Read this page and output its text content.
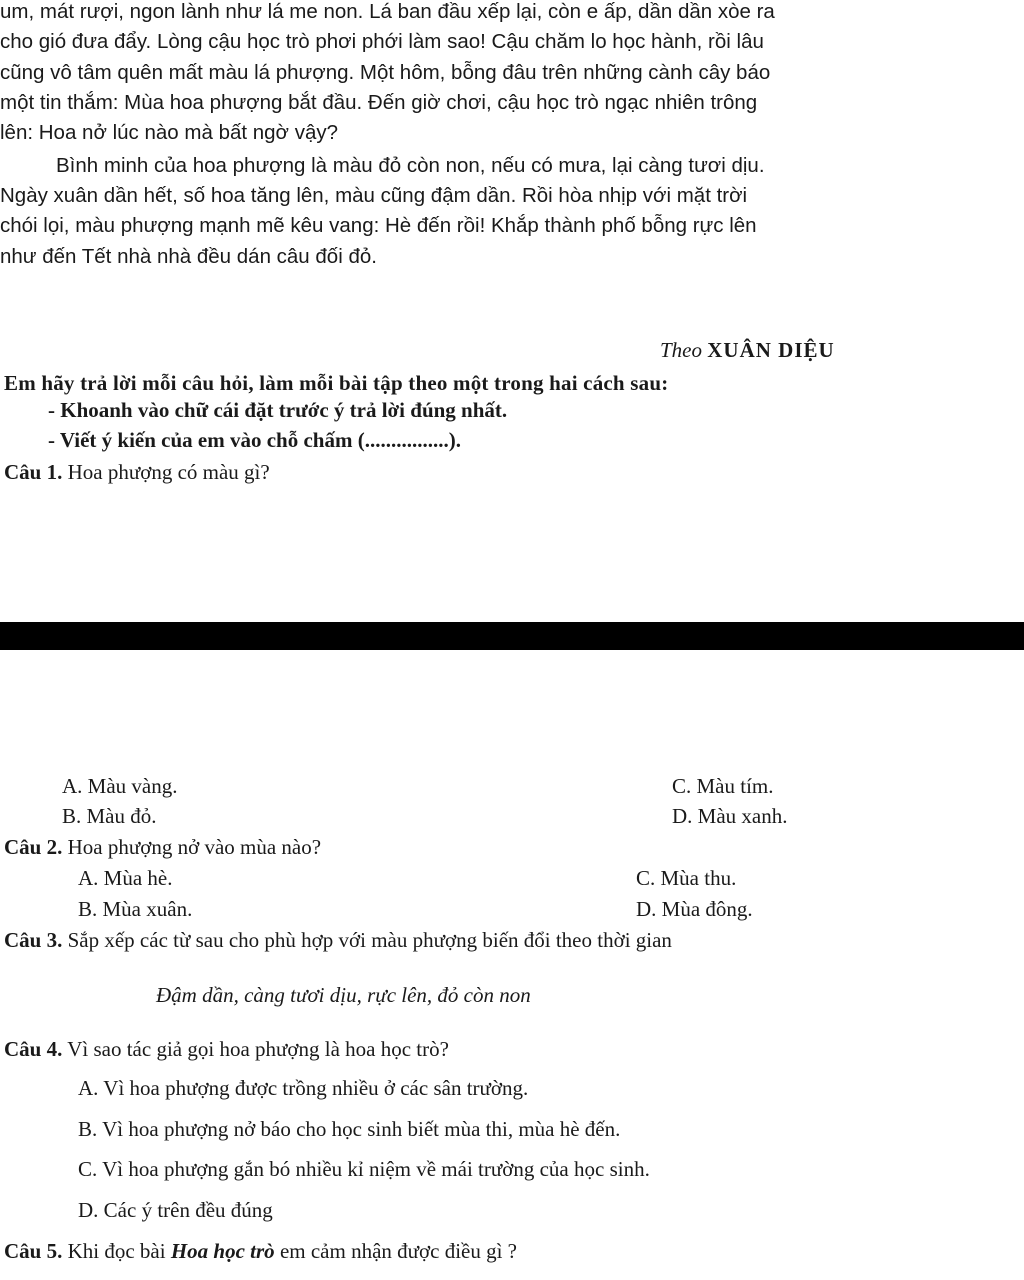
um, mát rượi, ngon lành như lá me non. Lá ban đầu xếp lại, còn e ấp, dần dần xòe ra
cho gió đưa đẩy. Lòng cậu học trò phơi phới làm sao! Cậu chăm lo học hành, rồi lâu
cũng vô tâm quên mất màu lá phượng. Một hôm, bỗng đâu trên những cành cây báo
một tin thắm: Mùa hoa phượng bắt đầu. Đến giờ chơi, cậu học trò ngạc nhiên trông
lên: Hoa nở lúc nào mà bất ngờ vậy?
Bình minh của hoa phượng là màu đỏ còn non, nếu có mưa, lại càng tươi dịu.
Ngày xuân dần hết, số hoa tăng lên, màu cũng đậm dần. Rồi hòa nhịp với mặt trời
chói lọi, màu phượng mạnh mẽ kêu vang: Hè đến rồi! Khắp thành phố bỗng rực lên
như đến Tết nhà nhà đều dán câu đối đỏ.
Theo XUÂN DIỆU
Em hãy trả lời mỗi câu hỏi, làm mỗi bài tập theo một trong hai cách sau:
- Khoanh vào chữ cái đặt trước ý trả lời đúng nhất.
- Viết ý kiến của em vào chỗ chấm (................).
Câu 1. Hoa phượng có màu gì?
A. Màu vàng.	C. Màu tím.
B. Màu đỏ.	D. Màu xanh.
Câu 2. Hoa phượng nở vào mùa nào?
A. Mùa hè.	C. Mùa thu.
B. Mùa xuân.	D. Mùa đông.
Câu 3. Sắp xếp các từ sau cho phù hợp với màu phượng biến đổi theo thời gian
Đậm dần, càng tươi dịu, rực lên, đỏ còn non
Câu 4. Vì sao tác giả gọi hoa phượng là hoa học trò?
A. Vì hoa phượng được trồng nhiều ở các sân trường.
B. Vì hoa phượng nở báo cho học sinh biết mùa thi, mùa hè đến.
C. Vì hoa phượng gắn bó nhiều kỉ niệm về mái trường của học sinh.
D. Các ý trên đều đúng
Câu 5. Khi đọc bài Hoa học trò em cảm nhận được điều gì ?
